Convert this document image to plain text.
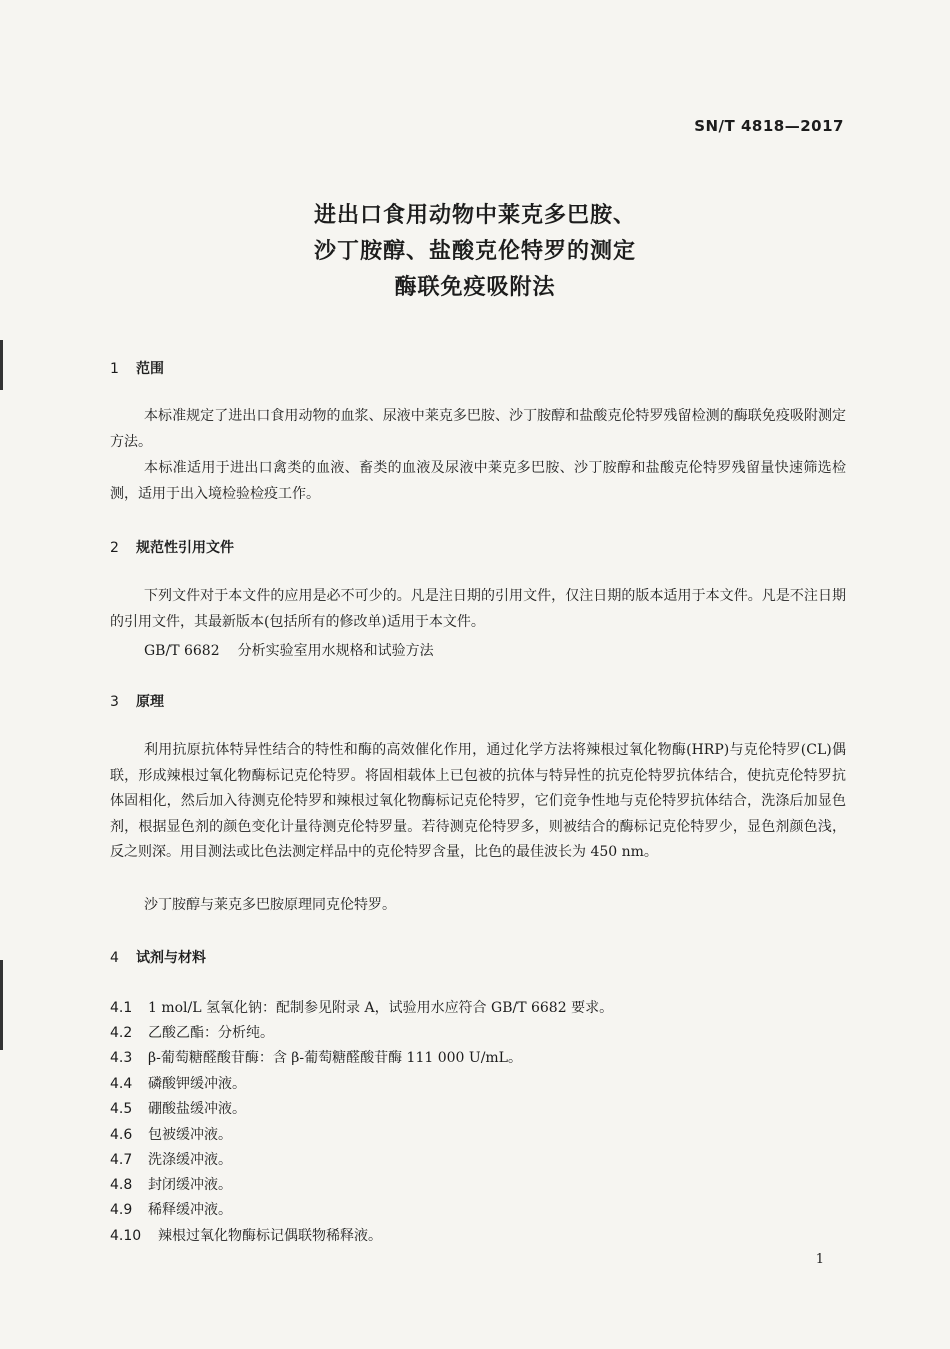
SN/T 4818—2017
进出口食用动物中莱克多巴胺、
沙丁胺醇、盐酸克伦特罗的测定
酶联免疫吸附法
1 范围
本标准规定了进出口食用动物的血浆、尿液中莱克多巴胺、沙丁胺醇和盐酸克伦特罗残留检测的酶联免疫吸附测定方法。
本标准适用于进出口禽类的血液、畜类的血液及尿液中莱克多巴胺、沙丁胺醇和盐酸克伦特罗残留量快速筛选检测，适用于出入境检验检疫工作。
2 规范性引用文件
下列文件对于本文件的应用是必不可少的。凡是注日期的引用文件，仅注日期的版本适用于本文件。凡是不注日期的引用文件，其最新版本(包括所有的修改单)适用于本文件。
GB/T 6682 分析实验室用水规格和试验方法
3 原理
利用抗原抗体特异性结合的特性和酶的高效催化作用，通过化学方法将辣根过氧化物酶(HRP)与克伦特罗(CL)偶联，形成辣根过氧化物酶标记克伦特罗。将固相载体上已包被的抗体与特异性的抗克伦特罗抗体结合，使抗克伦特罗抗体固相化，然后加入待测克伦特罗和辣根过氧化物酶标记克伦特罗，它们竞争性地与克伦特罗抗体结合，洗涤后加显色剂，根据显色剂的颜色变化计量待测克伦特罗量。若待测克伦特罗多，则被结合的酶标记克伦特罗少，显色剂颜色浅，反之则深。用目测法或比色法测定样品中的克伦特罗含量，比色的最佳波长为 450 nm。
沙丁胺醇与莱克多巴胺原理同克伦特罗。
4 试剂与材料
4.1 1 mol/L 氢氧化钠：配制参见附录 A，试验用水应符合 GB/T 6682 要求。
4.2 乙酸乙酯：分析纯。
4.3 β-葡萄糖醛酸苷酶：含 β-葡萄糖醛酸苷酶 111 000 U/mL。
4.4 磷酸钾缓冲液。
4.5 硼酸盐缓冲液。
4.6 包被缓冲液。
4.7 洗涤缓冲液。
4.8 封闭缓冲液。
4.9 稀释缓冲液。
4.10 辣根过氧化物酶标记偶联物稀释液。
1
